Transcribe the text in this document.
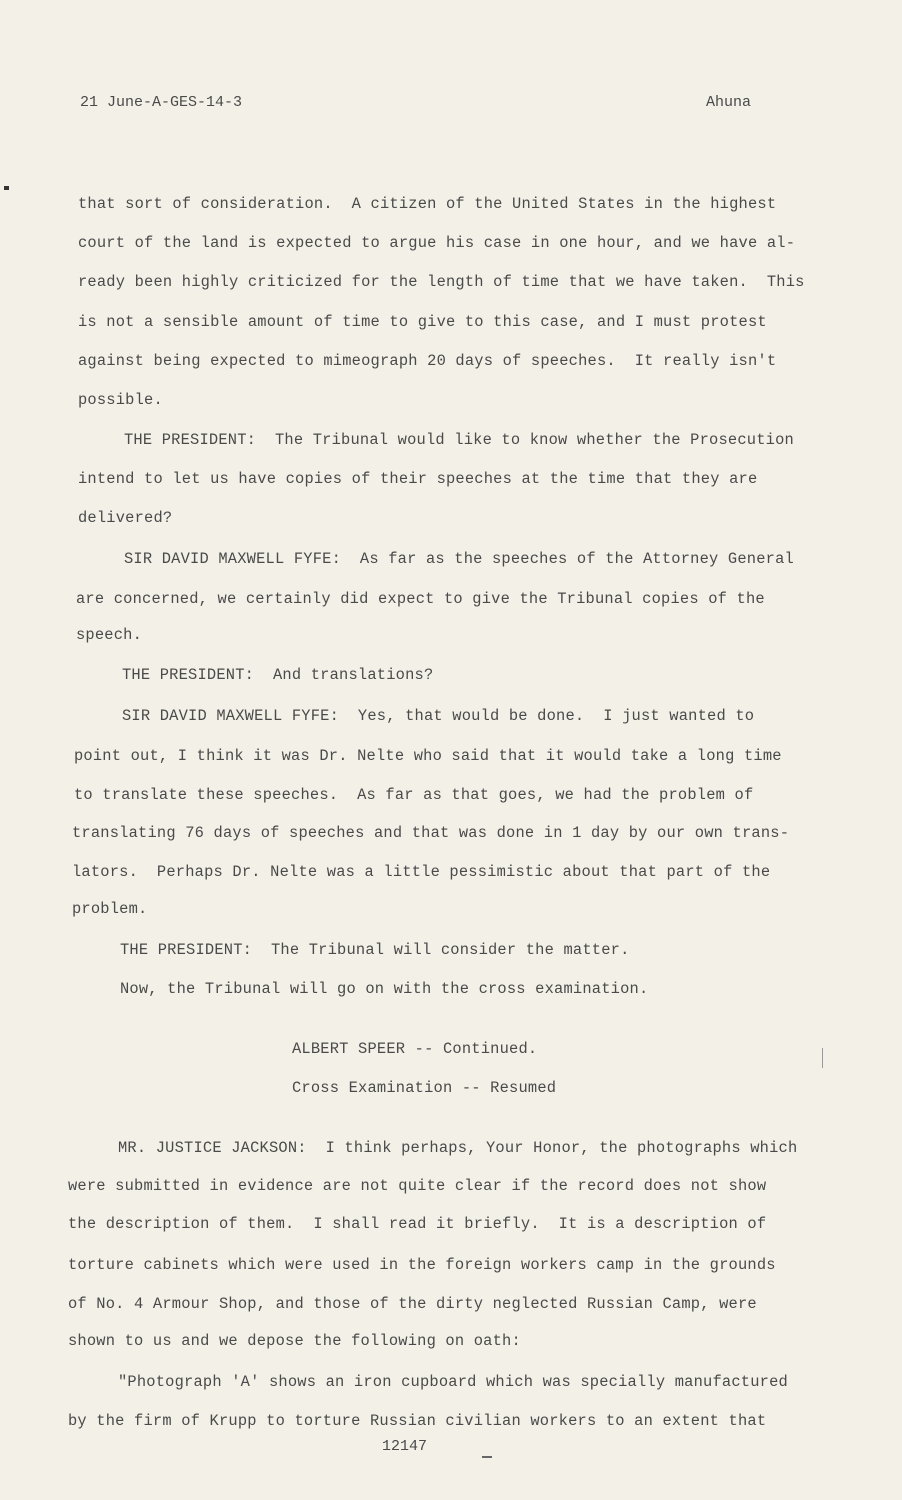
21 June-A-GES-14-3	Ahuna
that sort of consideration.  A citizen of the United States in the highest
court of the land is expected to argue his case in one hour, and we have al-
ready been highly criticized for the length of time that we have taken.  This
is not a sensible amount of time to give to this case, and I must protest
against being expected to mimeograph 20 days of speeches.  It really isn't
possible.
THE PRESIDENT:  The Tribunal would like to know whether the Prosecution
intend to let us have copies of their speeches at the time that they are
delivered?
SIR DAVID MAXWELL FYFE:  As far as the speeches of the Attorney General
are concerned, we certainly did expect to give the Tribunal copies of the
speech.
THE PRESIDENT:  And translations?
SIR DAVID MAXWELL FYFE:  Yes, that would be done.  I just wanted to
point out, I think it was Dr. Nelte who said that it would take a long time
to translate these speeches.  As far as that goes, we had the problem of
translating 76 days of speeches and that was done in 1 day by our own trans-
lators.  Perhaps Dr. Nelte was a little pessimistic about that part of the
problem.
THE PRESIDENT:  The Tribunal will consider the matter.
Now, the Tribunal will go on with the cross examination.
ALBERT SPEER -- Continued.
Cross Examination -- Resumed
MR. JUSTICE JACKSON:  I think perhaps, Your Honor, the photographs which
were submitted in evidence are not quite clear if the record does not show
the description of them.  I shall read it briefly.  It is a description of
torture cabinets which were used in the foreign workers camp in the grounds
of No. 4 Armour Shop, and those of the dirty neglected Russian Camp, were
shown to us and we depose the following on oath:
"Photograph 'A' shows an iron cupboard which was specially manufactured
by the firm of Krupp to torture Russian civilian workers to an extent that
12147
